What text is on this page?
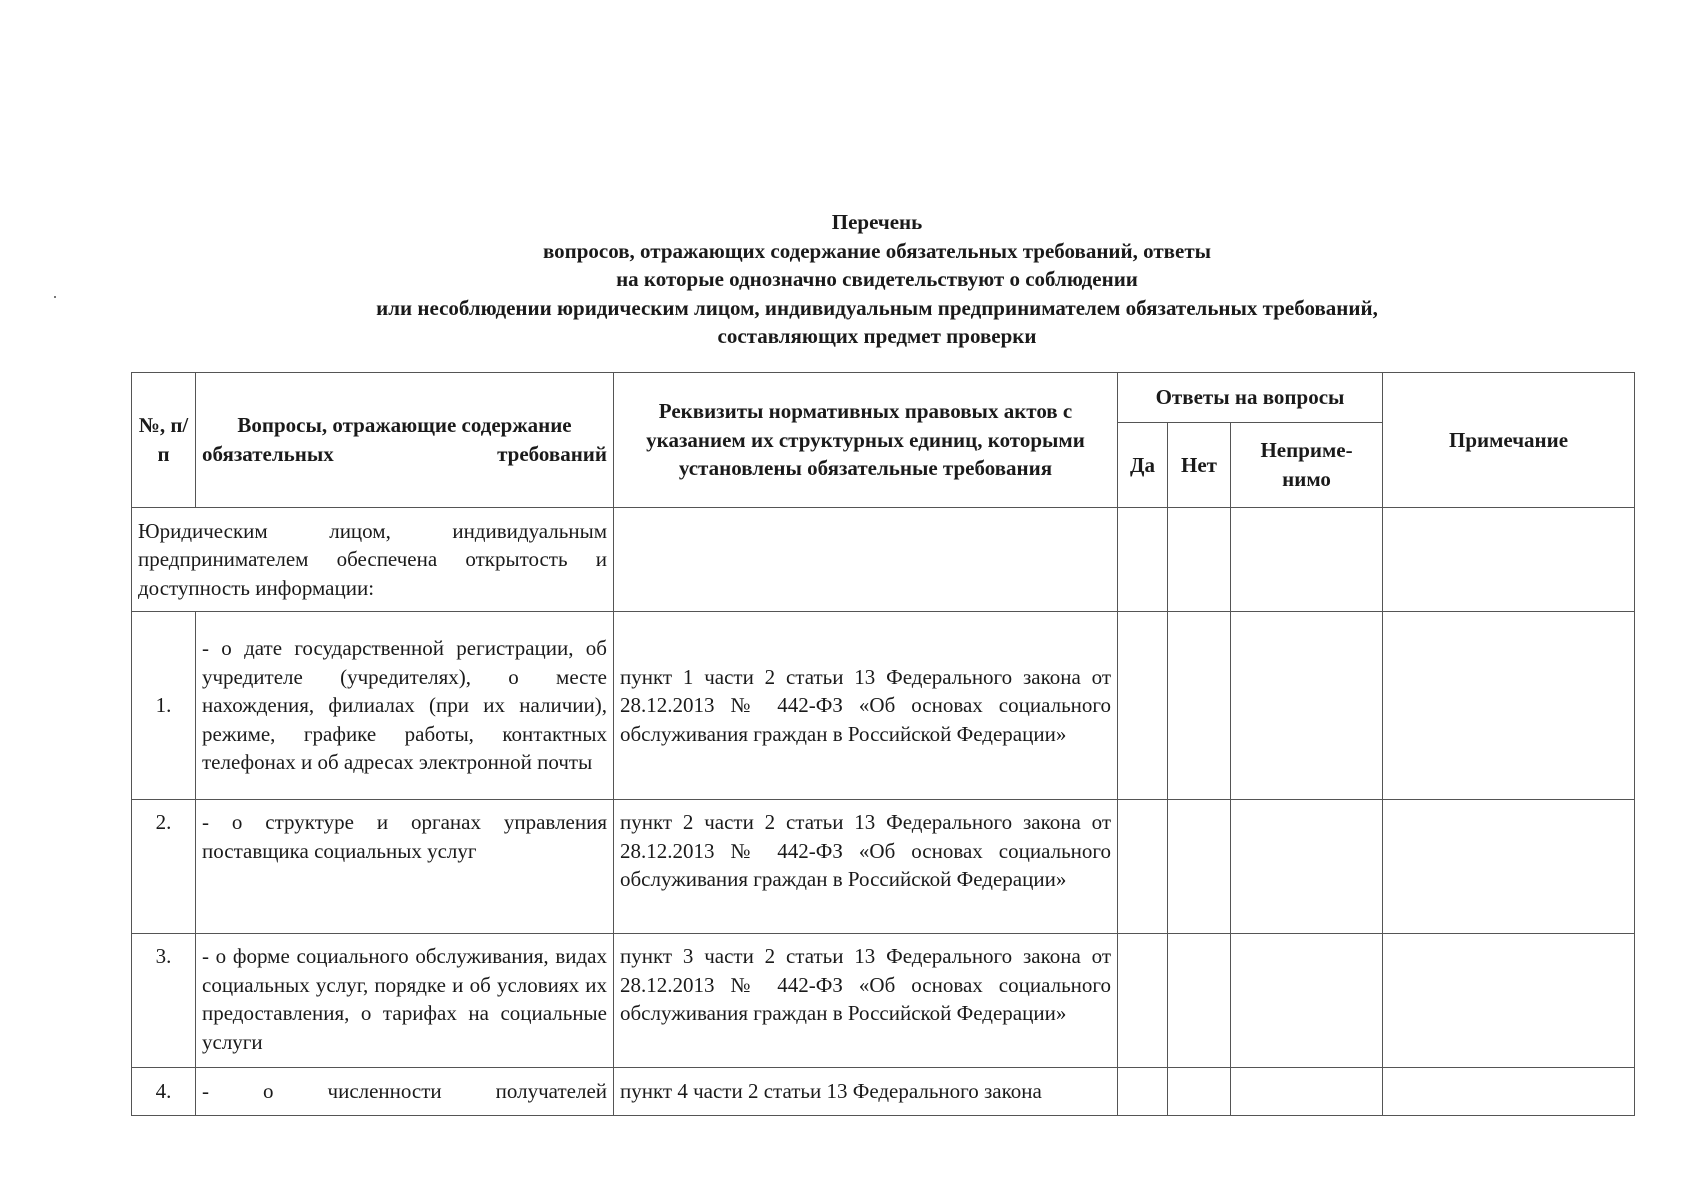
Перечень
вопросов, отражающих содержание обязательных требований, ответы
на которые однозначно свидетельствуют о соблюдении
или несоблюдении юридическим лицом, индивидуальным предпринимателем обязательных требований,
составляющих предмет проверки
№, п/п	Вопросы, отражающие содержание обязательных требований	Реквизиты нормативных правовых актов с указанием их структурных единиц, которыми установлены обязательные требования	Ответы на вопросы			Примечание
			Да	Нет	Неприме-нимо	
Юридическим лицом, индивидуальным предпринимателем обеспечена открытость и доступность информации:						
1.	- о дате государственной регистрации, об учредителе (учредителях), о месте нахождения, филиалах (при их наличии), режиме, графике работы, контактных телефонах и об адресах электронной почты	пункт 1 части 2 статьи 13 Федерального закона от 28.12.2013 № 442-ФЗ «Об основах социального обслуживания граждан в Российской Федерации»				
2.	- о структуре и органах управления поставщика социальных услуг	пункт 2 части 2 статьи 13 Федерального закона от 28.12.2013 № 442-ФЗ «Об основах социального обслуживания граждан в Российской Федерации»				
3.	- о форме социального обслуживания, видах социальных услуг, порядке и об условиях их предоставления, о тарифах на социальные услуги	пункт 3 части 2 статьи 13 Федерального закона от 28.12.2013 № 442-ФЗ «Об основах социального обслуживания граждан в Российской Федерации»				
4.	- о численности получателей	пункт 4 части 2 статьи 13 Федерального закона				
